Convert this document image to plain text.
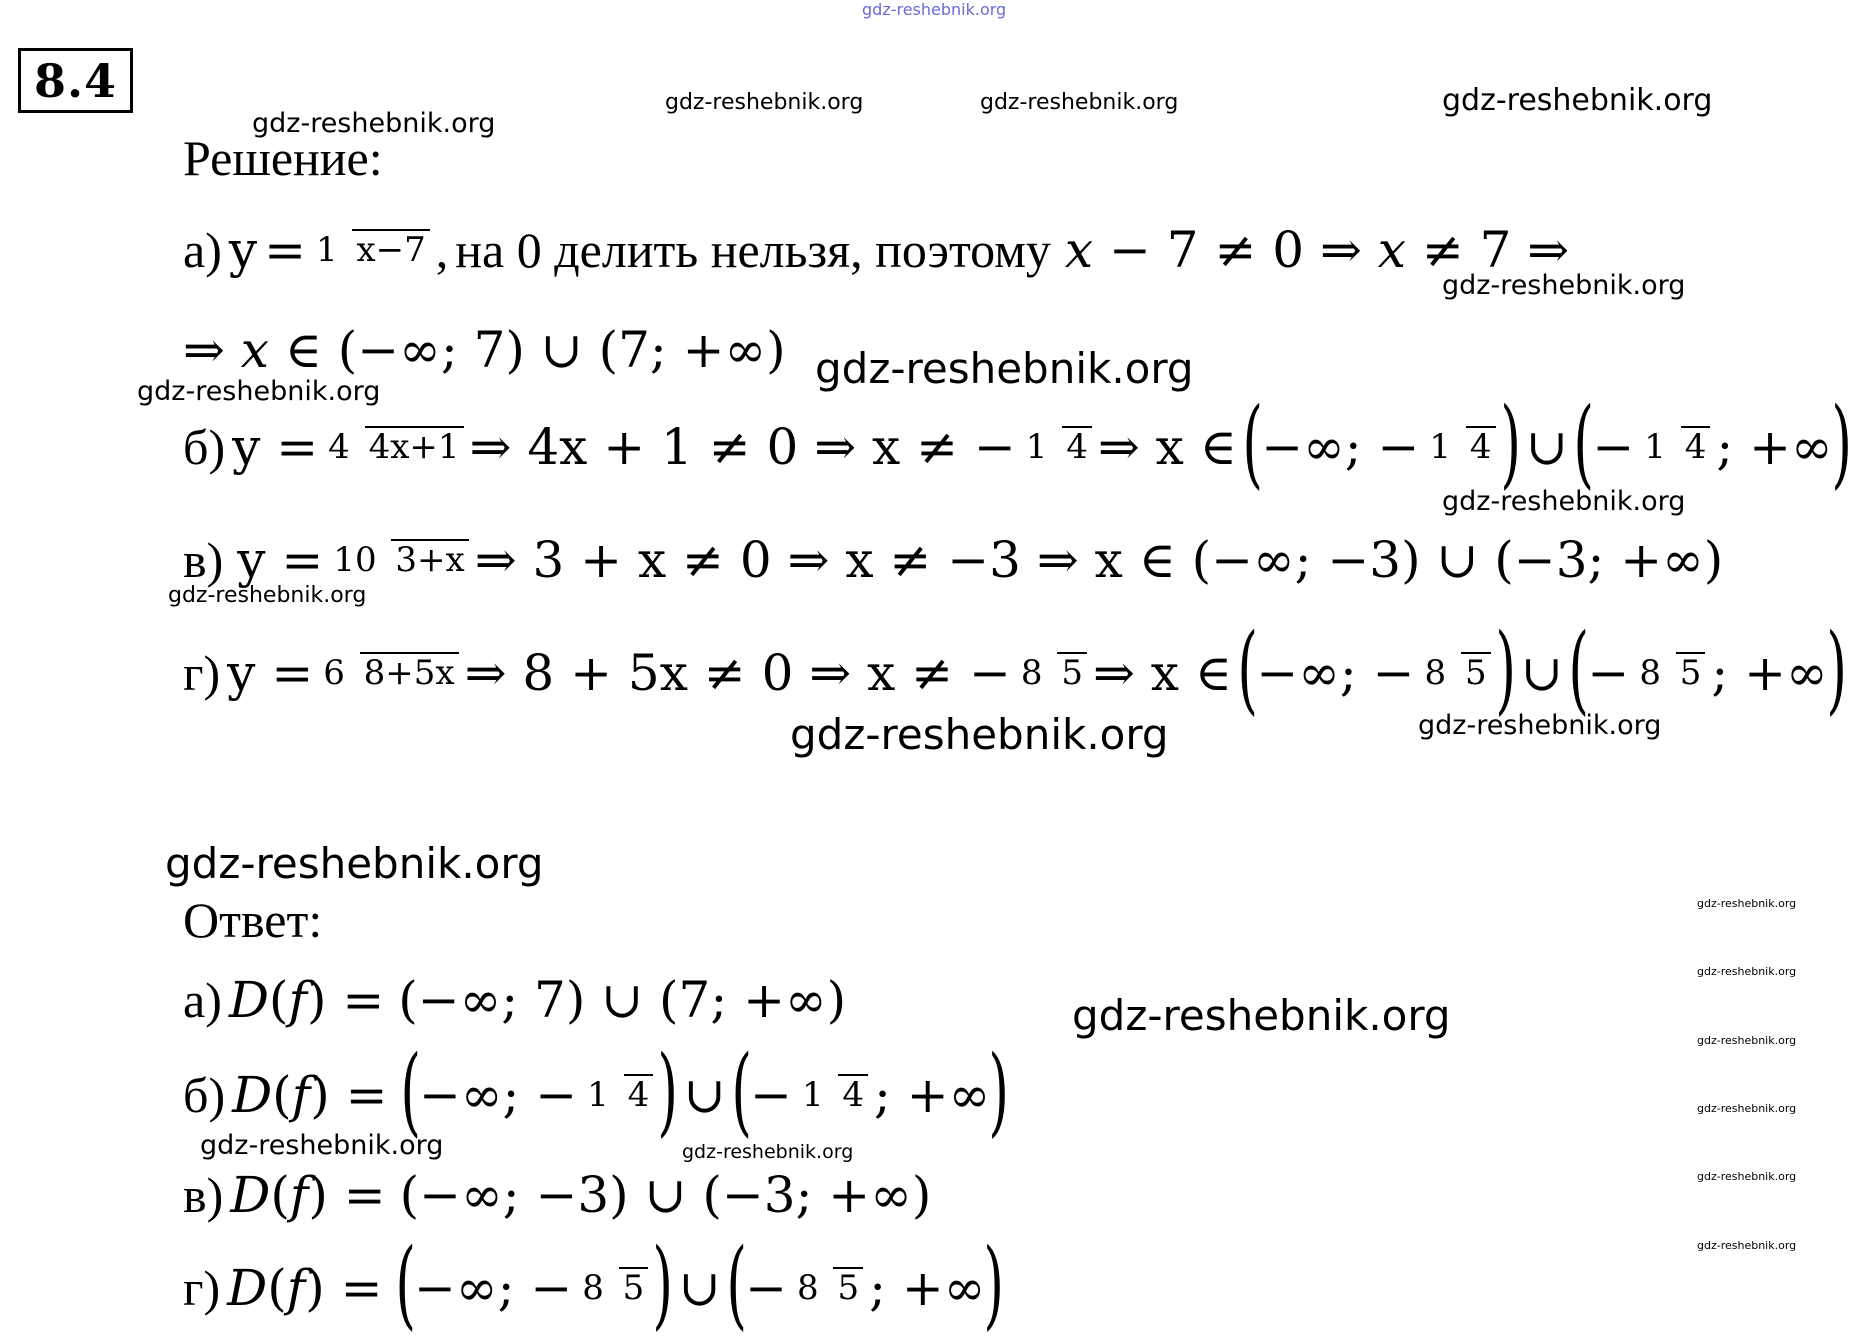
8.4
gdz-reshebnik.org
gdz-reshebnik.org
gdz-reshebnik.org	gdz-reshebnik.org	gdz-reshebnik.org
gdz-reshebnik.org
gdz-reshebnik.org
gdz-reshebnik.org
gdz-reshebnik.org
gdz-reshebnik.org
gdz-reshebnik.org	gdz-reshebnik.org
gdz-reshebnik.org
gdz-reshebnik.org
gdz-reshebnik.org	gdz-reshebnik.org
gdz-reshebnik.org
gdz-reshebnik.org
gdz-reshebnik.org
gdz-reshebnik.org
gdz-reshebnik.org
gdz-reshebnik.org
Решение:
а) y = 1 x−7 , на 0 делить нельзя, поэтому 𝑥 − 7 ≠ 0 ⇒ 𝑥 ≠ 7 ⇒
⇒ 𝑥 ∈ (−∞; 7) ∪ (7; +∞)
б) y = 4 4x+1 ⇒ 4x + 1 ≠ 0 ⇒ x ≠ − 1 4 ⇒ x ∈ (
−∞; − 1 4 ) ∪ (
− 1 4 ; +∞
)
в) y = 10 3+x ⇒ 3 + x ≠ 0 ⇒ x ≠ −3 ⇒ x ∈ (−∞; −3) ∪ (−3; +∞)
г) y = 6 8+5x ⇒ 8 + 5x ≠ 0 ⇒ x ≠ − 8 5 ⇒ x ∈ (
−∞; − 8 5 ) ∪ (
− 8 5 ; +∞
)
Ответ:
а) 𝐷(𝑓) = (−∞; 7) ∪ (7; +∞)
б) 𝐷(𝑓) = (
−∞; − 1 4 ) ∪ (
− 1 4 ; +∞
)
в) 𝐷(𝑓) = (−∞; −3) ∪ (−3; +∞)
г) 𝐷(𝑓) = (
−∞; − 8 5 ) ∪ (
− 8 5 ; +∞
)
